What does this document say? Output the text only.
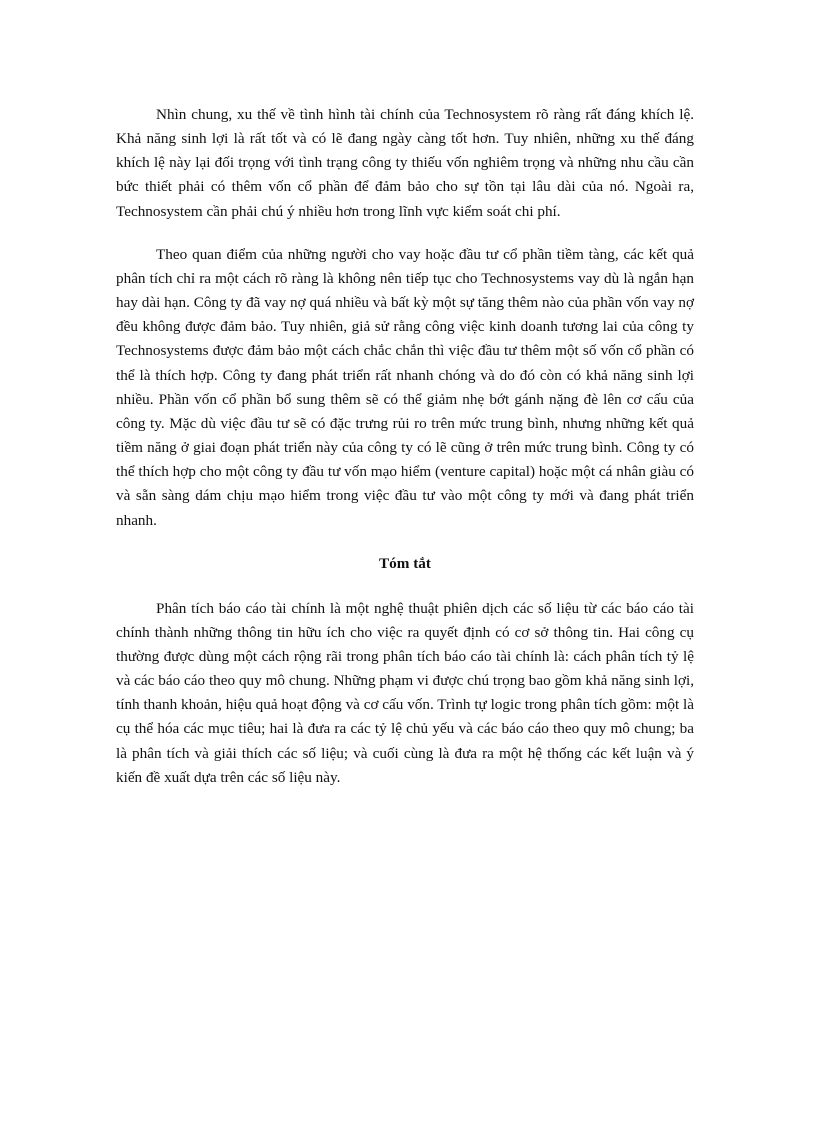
Nhìn chung, xu thế về tình hình tài chính của Technosystem rõ ràng rất đáng khích lệ. Khả năng sinh lợi là rất tốt và có lẽ đang ngày càng tốt hơn. Tuy nhiên, những xu thế đáng khích lệ này lại đối trọng với tình trạng công ty thiếu vốn nghiêm trọng và những nhu cầu cần bức thiết phải có thêm vốn cổ phần để đảm bảo cho sự tồn tại lâu dài của nó. Ngoài ra, Technosystem cần phải chú ý nhiều hơn trong lĩnh vực kiểm soát chi phí.

Theo quan điểm của những người cho vay hoặc đầu tư cổ phần tiềm tàng, các kết quả phân tích chỉ ra một cách rõ ràng là không nên tiếp tục cho Technosystems vay dù là ngắn hạn hay dài hạn. Công ty đã vay nợ quá nhiều và bất kỳ một sự tăng thêm nào của phần vốn vay nợ đều không được đảm bảo. Tuy nhiên, giả sử rằng công việc kinh doanh tương lai của công ty Technosystems được đảm bảo một cách chắc chắn thì việc đầu tư thêm một số vốn cổ phần có thể là thích hợp. Công ty đang phát triển rất nhanh chóng và do đó còn có khả năng sinh lợi nhiều. Phần vốn cổ phần bổ sung thêm sẽ có thể giảm nhẹ bớt gánh nặng đè lên cơ cấu của công ty. Mặc dù việc đầu tư sẽ có đặc trưng rủi ro trên mức trung bình, nhưng những kết quả tiềm năng ở giai đoạn phát triển này của công ty có lẽ cũng ở trên mức trung bình. Công ty có thể thích hợp cho một công ty đầu tư vốn mạo hiểm (venture capital) hoặc một cá nhân giàu có và sẵn sàng dám chịu mạo hiểm trong việc đầu tư vào một công ty mới và đang phát triển nhanh.

Tóm tắt

Phân tích báo cáo tài chính là một nghệ thuật phiên dịch các số liệu từ các báo cáo tài chính thành những thông tin hữu ích cho việc ra quyết định có cơ sở thông tin. Hai công cụ thường được dùng một cách rộng rãi trong phân tích báo cáo tài chính là: cách phân tích tỷ lệ và các báo cáo theo quy mô chung. Những phạm vi được chú trọng bao gồm khả năng sinh lợi, tính thanh khoản, hiệu quả hoạt động và cơ cấu vốn. Trình tự logic trong phân tích gồm: một là cụ thể hóa các mục tiêu; hai là đưa ra các tỷ lệ chủ yếu và các báo cáo theo quy mô chung; ba là phân tích và giải thích các số liệu; và cuối cùng là đưa ra một hệ thống các kết luận và ý kiến đề xuất dựa trên các số liệu này.
